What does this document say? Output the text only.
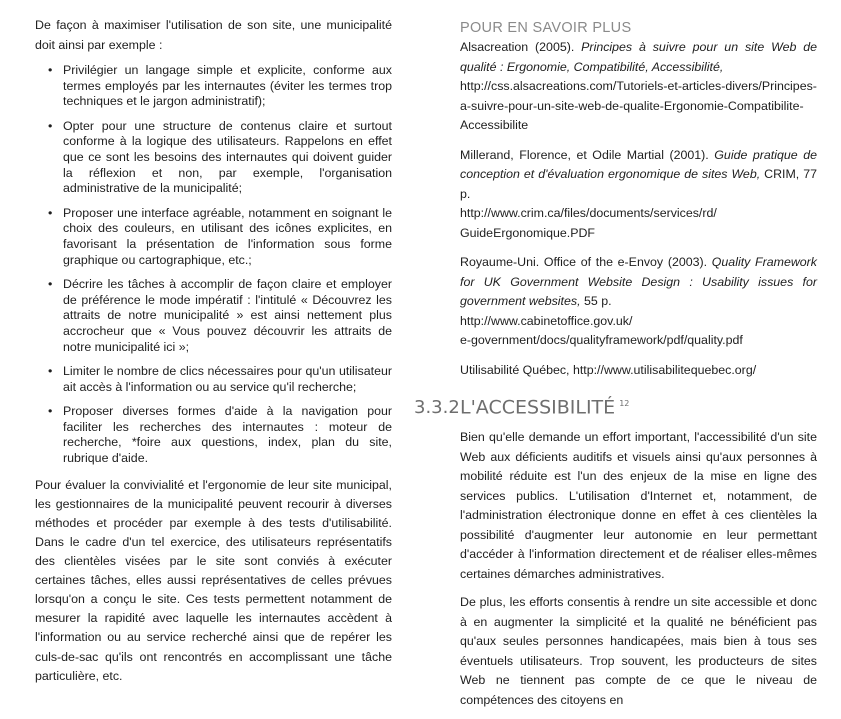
De façon à maximiser l'utilisation de son site, une municipalité doit ainsi par exemple :

• Privilégier un langage simple et explicite, conforme aux termes employés par les internautes (éviter les termes trop techniques et le jargon administratif);
• Opter pour une structure de contenus claire et surtout conforme à la logique des utilisateurs. Rappelons en effet que ce sont les besoins des internautes qui doivent guider la réflexion et non, par exemple, l'organisation administrative de la municipalité;
• Proposer une interface agréable, notamment en soignant le choix des couleurs, en utilisant des icônes explicites, en favorisant la présentation de l'information sous forme graphique ou cartographique, etc.;
• Décrire les tâches à accomplir de façon claire et employer de préférence le mode impératif : l'intitulé « Découvrez les attraits de notre municipalité » est ainsi nettement plus accrocheur que « Vous pouvez découvrir les attraits de notre municipalité ici »;
• Limiter le nombre de clics nécessaires pour qu'un utilisateur ait accès à l'information ou au service qu'il recherche;
• Proposer diverses formes d'aide à la navigation pour faciliter les recherches des internautes : moteur de recherche, *foire aux questions, index, plan du site, rubrique d'aide.

Pour évaluer la convivialité et l'ergonomie de leur site municipal, les gestionnaires de la municipalité peuvent recourir à diverses méthodes et procéder par exemple à des tests d'utilisabilité. Dans le cadre d'un tel exercice, des utilisateurs représentatifs des clientèles visées par le site sont conviés à exécuter certaines tâches, elles aussi représentatives de celles prévues lorsqu'on a conçu le site. Ces tests permettent notamment de mesurer la rapidité avec laquelle les internautes accèdent à l'information ou au service recherché ainsi que de repérer les culs-de-sac qu'ils ont rencontrés en accomplissant une tâche particulière, etc.

POUR EN SAVOIR PLUS

Alsacreation (2005). Principes à suivre pour un site Web de qualité : Ergonomie, Compatibilité, Accessibilité,
http://css.alsacreations.com/Tutoriels-et-articles-divers/Principes-a-suivre-pour-un-site-web-de-qualite-Ergonomie-Compatibilite-Accessibilite

Millerand, Florence, et Odile Martial (2001). Guide pratique de conception et d'évaluation ergonomique de sites Web, CRIM, 77 p.
http://www.crim.ca/files/documents/services/rd/
GuideErgonomique.PDF

Royaume-Uni. Office of the e-Envoy (2003). Quality Framework for UK Government Website Design : Usability issues for government websites, 55 p.
http://www.cabinetoffice.gov.uk/
e-government/docs/qualityframework/pdf/quality.pdf

Utilisabilité Québec, http://www.utilisabilitequebec.org/

3.3.2L'ACCESSIBILITÉ $^{12}$

Bien qu'elle demande un effort important, l'accessibilité d'un site Web aux déficients auditifs et visuels ainsi qu'aux personnes à mobilité réduite est l'un des enjeux de la mise en ligne des services publics. L'utilisation d'Internet et, notamment, de l'administration électronique donne en effet à ces clientèles la possibilité d'augmenter leur autonomie en leur permettant d'accéder à l'information directement et de réaliser elles-mêmes certaines démarches administratives.

De plus, les efforts consentis à rendre un site accessible et donc à en augmenter la simplicité et la qualité ne bénéficient pas qu'aux seules personnes handicapées, mais bien à tous ses éventuels utilisateurs. Trop souvent, les producteurs de sites Web ne tiennent pas compte de ce que le niveau de compétences des citoyens en
